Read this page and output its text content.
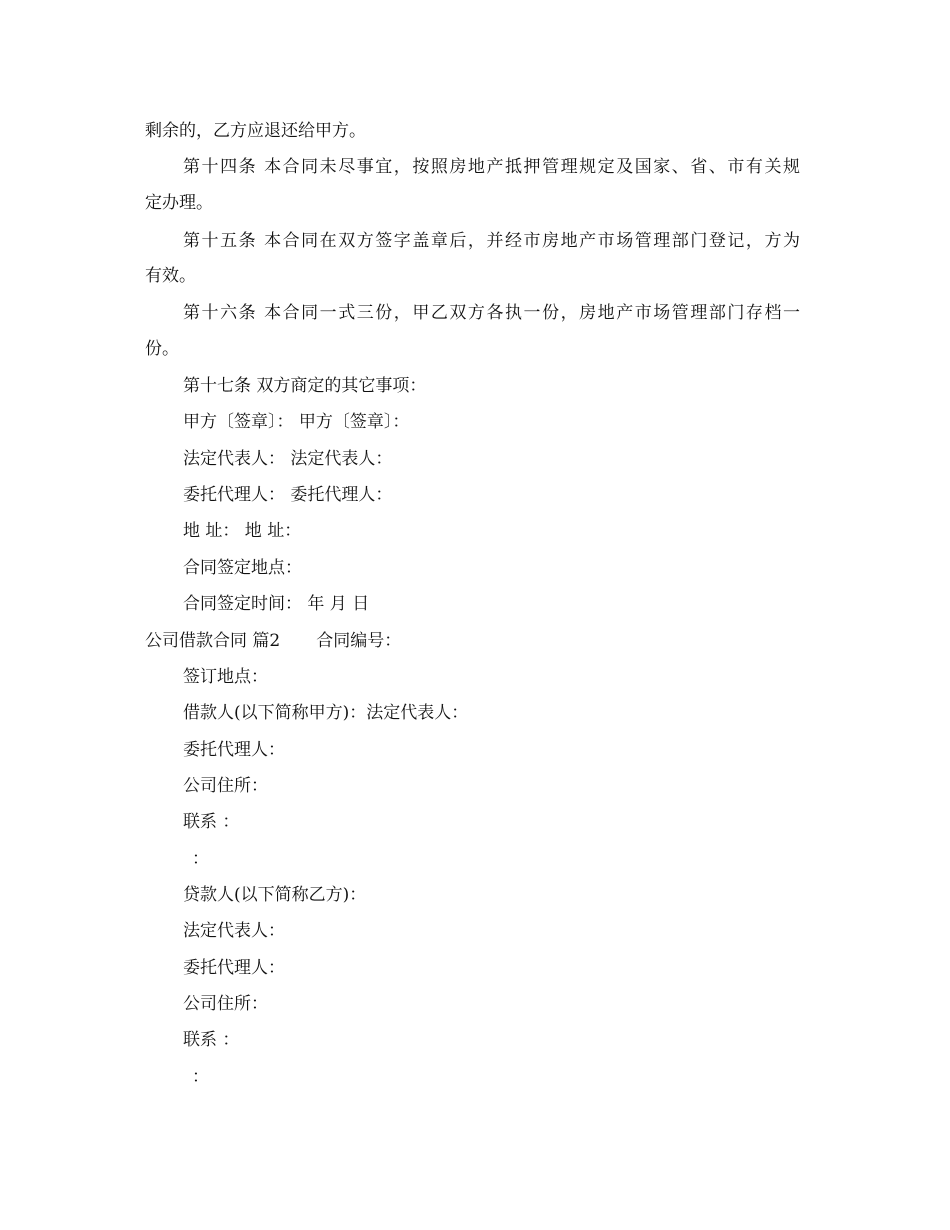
剩余的，乙方应退还给甲方。
第十四条 本合同未尽事宜，按照房地产抵押管理规定及国家、省、市有关规
定办理。
第十五条 本合同在双方签字盖章后，并经市房地产市场管理部门登记，方为
有效。
第十六条 本合同一式三份，甲乙双方各执一份，房地产市场管理部门存档一
份。
第十七条 双方商定的其它事项：
甲方〔签章〕： 甲方〔签章〕：
法定代表人： 法定代表人：
委托代理人： 委托代理人：
地 址： 地 址：
合同签定地点：
合同签定时间： 年 月 日
公司借款合同 篇2 合同编号：
签订地点：
借款人(以下简称甲方)：法定代表人：
委托代理人：
公司住所：
联系 ：
：
贷款人(以下简称乙方)：
法定代表人：
委托代理人：
公司住所：
联系 ：
：
